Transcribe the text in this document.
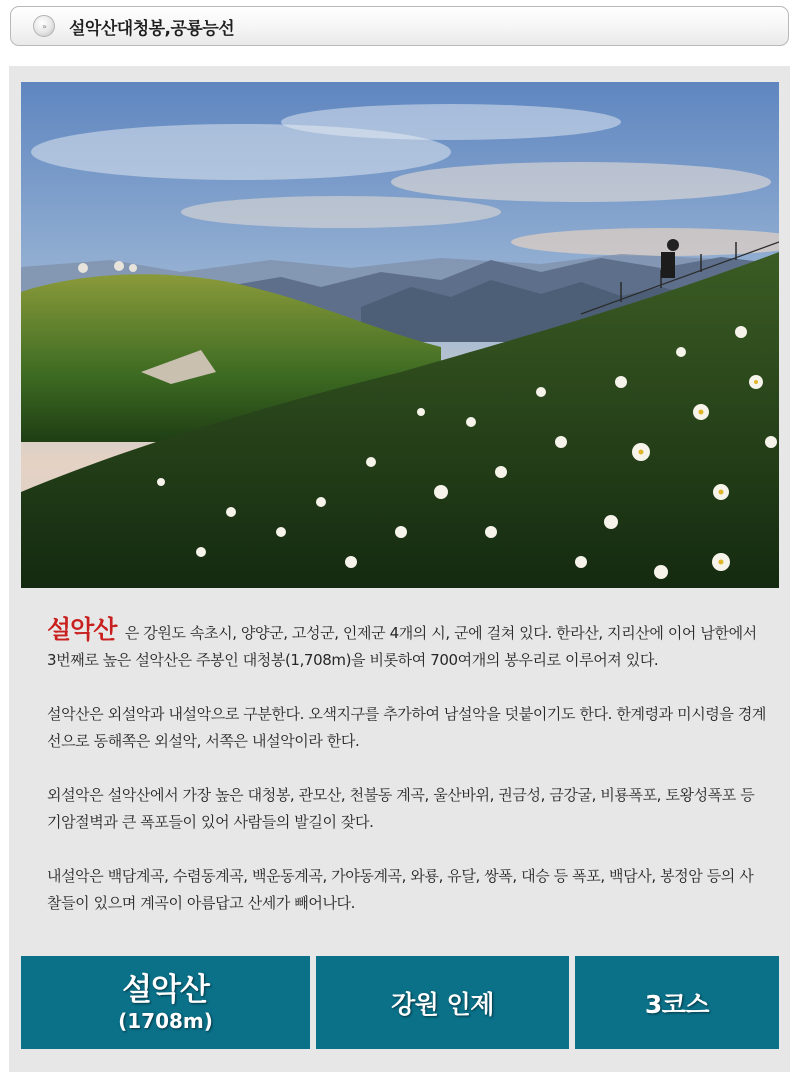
»	설악산대청봉,공룡능선

설악산 은 강원도 속초시, 양양군, 고성군, 인제군 4개의 시, 군에 걸쳐 있다. 한라산, 지리산에 이어 남한에서 3번째로 높은 설악산은 주봉인 대청봉(1,708m)을 비롯하여 700여개의 봉우리로 이루어져 있다.

설악산은 외설악과 내설악으로 구분한다. 오색지구를 추가하여 남설악을 덧붙이기도 한다. 한계령과 미시령을 경계선으로 동해쪽은 외설악, 서쪽은 내설악이라 한다.

외설악은 설악산에서 가장 높은 대청봉, 관모산, 천불동 계곡, 울산바위, 권금성, 금강굴, 비룡폭포, 토왕성폭포 등 기암절벽과 큰 폭포들이 있어 사람들의 발길이 잦다.

내설악은 백담계곡, 수렴동계곡, 백운동계곡, 가야동계곡, 와룡, 유달, 쌍폭, 대승 등 폭포, 백담사, 봉정암 등의 사찰들이 있으며 계곡이 아름답고 산세가 빼어나다.

설악산
(1708m)
강원 인제	3코스
